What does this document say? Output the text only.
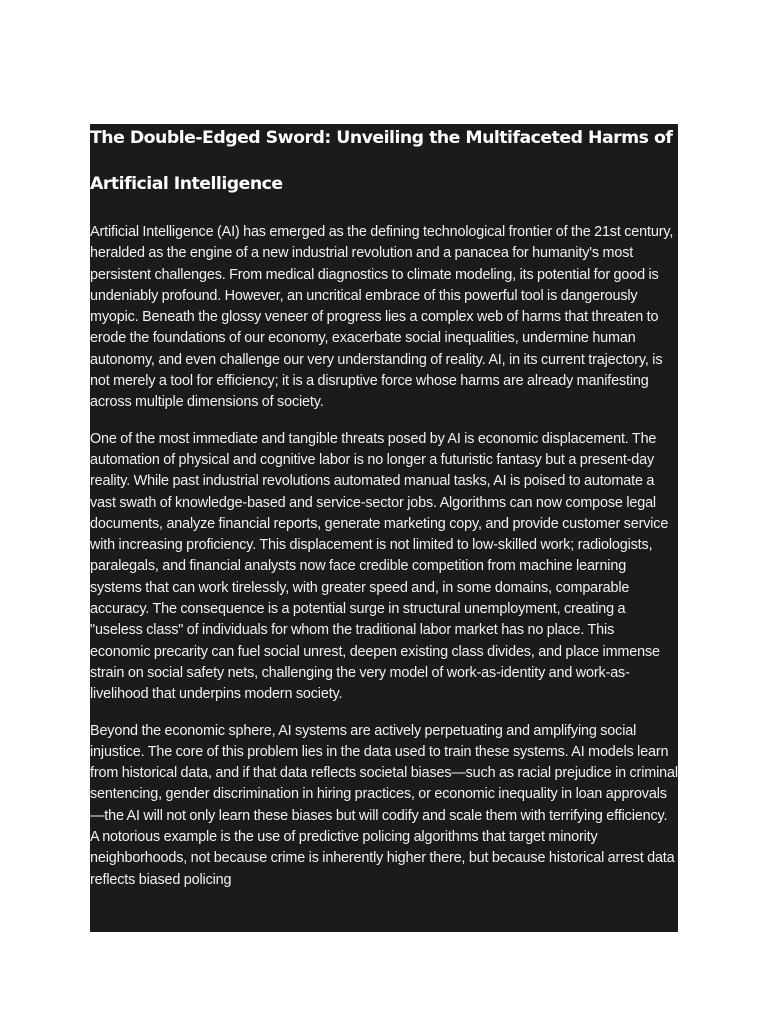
The Double-Edged Sword: Unveiling the Multifaceted Harms of Artificial Intelligence

Artificial Intelligence (AI) has emerged as the defining technological frontier of the 21st century, heralded as the engine of a new industrial revolution and a panacea for humanity's most persistent challenges. From medical diagnostics to climate modeling, its potential for good is undeniably profound. However, an uncritical embrace of this powerful tool is dangerously myopic. Beneath the glossy veneer of progress lies a complex web of harms that threaten to erode the foundations of our economy, exacerbate social inequalities, undermine human autonomy, and even challenge our very understanding of reality. AI, in its current trajectory, is not merely a tool for efficiency; it is a disruptive force whose harms are already manifesting across multiple dimensions of society.

One of the most immediate and tangible threats posed by AI is economic displacement. The automation of physical and cognitive labor is no longer a futuristic fantasy but a present-day reality. While past industrial revolutions automated manual tasks, AI is poised to automate a vast swath of knowledge-based and service-sector jobs. Algorithms can now compose legal documents, analyze financial reports, generate marketing copy, and provide customer service with increasing proficiency. This displacement is not limited to low-skilled work; radiologists, paralegals, and financial analysts now face credible competition from machine learning systems that can work tirelessly, with greater speed and, in some domains, comparable accuracy. The consequence is a potential surge in structural unemployment, creating a "useless class" of individuals for whom the traditional labor market has no place. This economic precarity can fuel social unrest, deepen existing class divides, and place immense strain on social safety nets, challenging the very model of work-as-identity and work-as-livelihood that underpins modern society.

Beyond the economic sphere, AI systems are actively perpetuating and amplifying social injustice. The core of this problem lies in the data used to train these systems. AI models learn from historical data, and if that data reflects societal biases—such as racial prejudice in criminal sentencing, gender discrimination in hiring practices, or economic inequality in loan approvals—the AI will not only learn these biases but will codify and scale them with terrifying efficiency. A notorious example is the use of predictive policing algorithms that target minority neighborhoods, not because crime is inherently higher there, but because historical arrest data reflects biased policing
